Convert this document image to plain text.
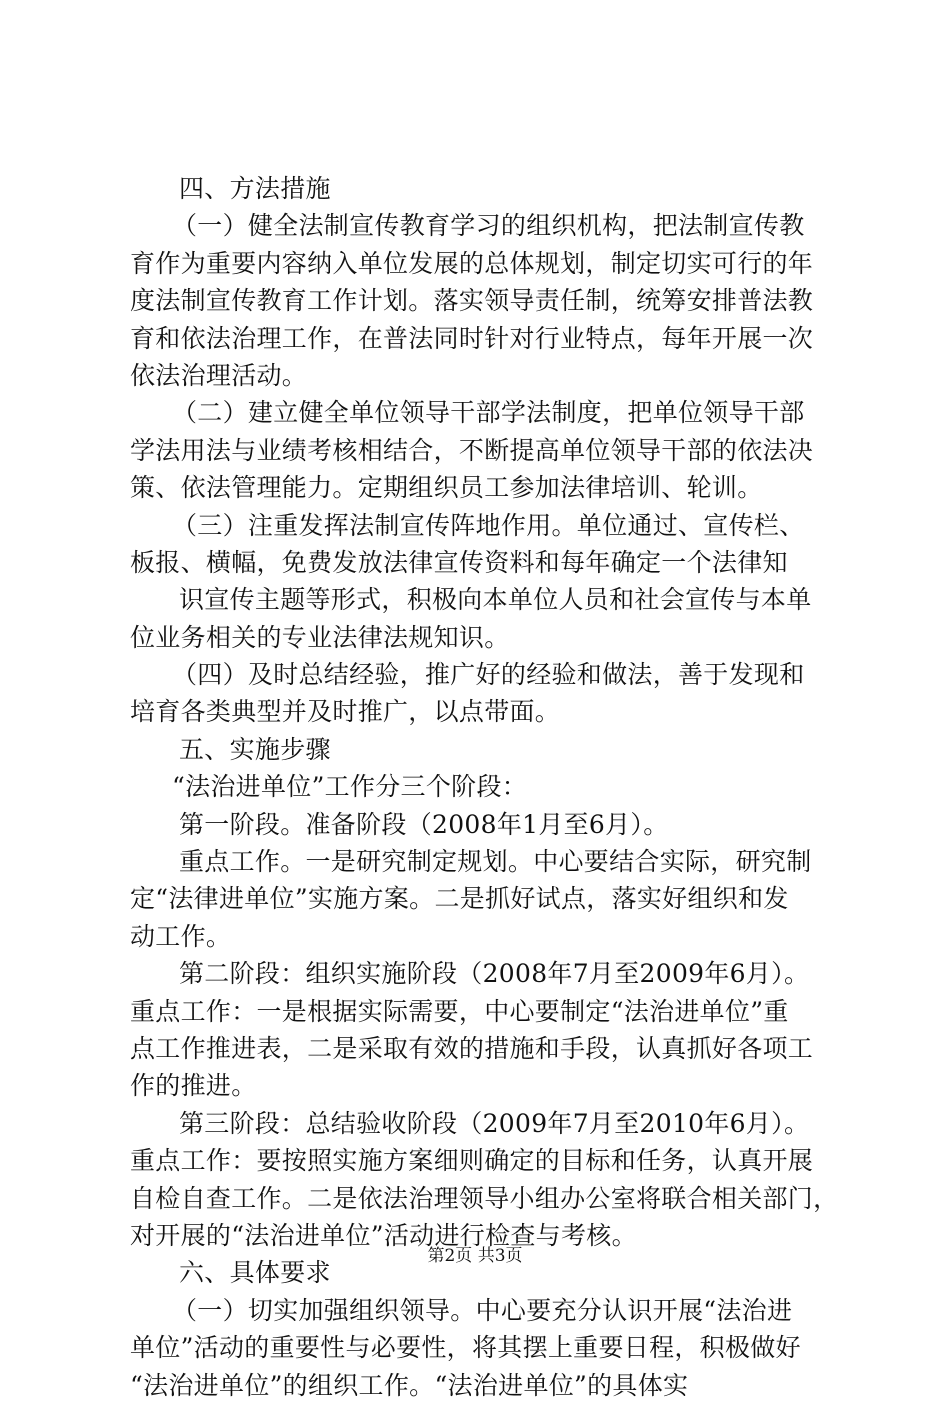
四、方法措施
（一）健全法制宣传教育学习的组织机构，把法制宣传教
育作为重要内容纳入单位发展的总体规划，制定切实可行的年
度法制宣传教育工作计划。落实领导责任制，统筹安排普法教
育和依法治理工作，在普法同时针对行业特点，每年开展一次
依法治理活动。
（二）建立健全单位领导干部学法制度，把单位领导干部
学法用法与业绩考核相结合，不断提高单位领导干部的依法决
策、依法管理能力。定期组织员工参加法律培训、轮训。
（三）注重发挥法制宣传阵地作用。单位通过、宣传栏、
板报、横幅，免费发放法律宣传资料和每年确定一个法律知
识宣传主题等形式，积极向本单位人员和社会宣传与本单
位业务相关的专业法律法规知识。
（四）及时总结经验，推广好的经验和做法，善于发现和
培育各类典型并及时推广，以点带面。
五、实施步骤
“法治进单位”工作分三个阶段：
第一阶段。准备阶段（2008年1月至6月）。
重点工作。一是研究制定规划。中心要结合实际，研究制
定“法律进单位”实施方案。二是抓好试点，落实好组织和发
动工作。
第二阶段：组织实施阶段（2008年7月至2009年6月）。
重点工作：一是根据实际需要，中心要制定“法治进单位”重
点工作推进表，二是采取有效的措施和手段，认真抓好各项工
作的推进。
第三阶段：总结验收阶段（2009年7月至2010年6月）。
重点工作：要按照实施方案细则确定的目标和任务，认真开展
自检自查工作。二是依法治理领导小组办公室将联合相关部门，
对开展的“法治进单位”活动进行检查与考核。
六、具体要求
（一）切实加强组织领导。中心要充分认识开展“法治进
单位”活动的重要性与必要性，将其摆上重要日程，积极做好
“法治进单位”的组织工作。“法治进单位”的具体实
第2页 共3页
